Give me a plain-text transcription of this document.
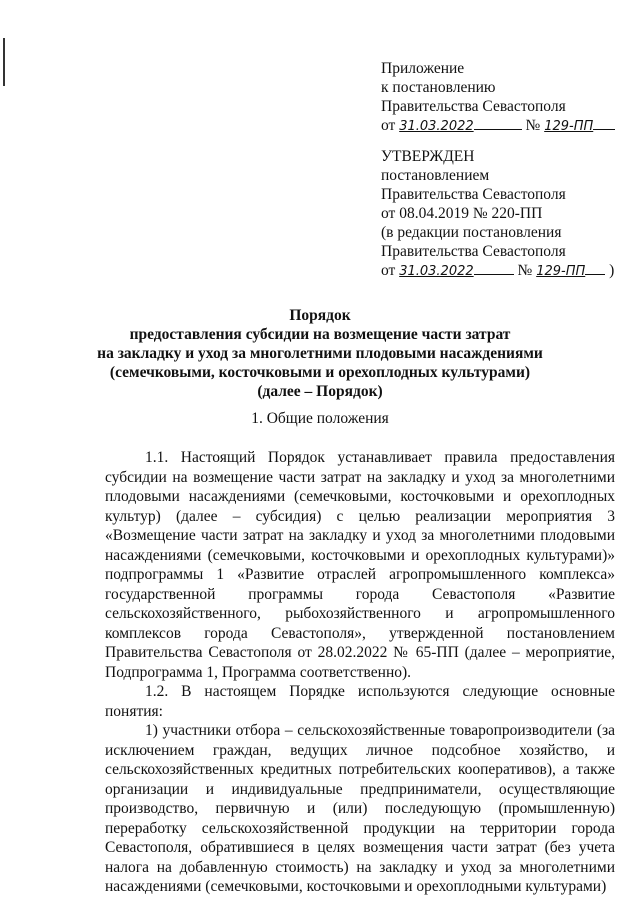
Приложение
к постановлению
Правительства Севастополя
от 31.03.2022	№ 129-ПП
УТВЕРЖДЕН
постановлением
Правительства Севастополя
от 08.04.2019 № 220-ПП
(в редакции постановления
Правительства Севастополя
от 31.03.2022	№ 129-ПП )
Порядок
предоставления субсидии на возмещение части затрат
на закладку и уход за многолетними плодовыми насаждениями
(семечковыми, косточковыми и орехоплодных культурами)
(далее – Порядок)
1. Общие положения

1.1. Настоящий Порядок устанавливает правила предоставления субсидии на возмещение части затрат на закладку и уход за многолетними плодовыми насаждениями (семечковыми, косточковыми и орехоплодных культур) (далее – субсидия) с целью реализации мероприятия 3 «Возмещение части затрат на закладку и уход за многолетними плодовыми насаждениями (семечковыми, косточковыми и орехоплодных культурами)» подпрограммы 1 «Развитие отраслей агропромышленного комплекса» государственной программы города Севастополя «Развитие сельскохозяйственного, рыбохозяйственного и агропромышленного комплексов города Севастополя», утвержденной постановлением Правительства Севастополя от 28.02.2022 № 65-ПП (далее – мероприятие, Подпрограмма 1, Программа соответственно).

1.2. В настоящем Порядке используются следующие основные понятия:

1) участники отбора – сельскохозяйственные товаропроизводители (за исключением граждан, ведущих личное подсобное хозяйство, и сельскохозяйственных кредитных потребительских кооперативов), а также организации и индивидуальные предприниматели, осуществляющие производство, первичную и (или) последующую (промышленную) переработку сельскохозяйственной продукции на территории города Севастополя, обратившиеся в целях возмещения части затрат (без учета налога на добавленную стоимость) на закладку и уход за многолетними насаждениями (семечковыми, косточковыми и орехоплодными культурами)
